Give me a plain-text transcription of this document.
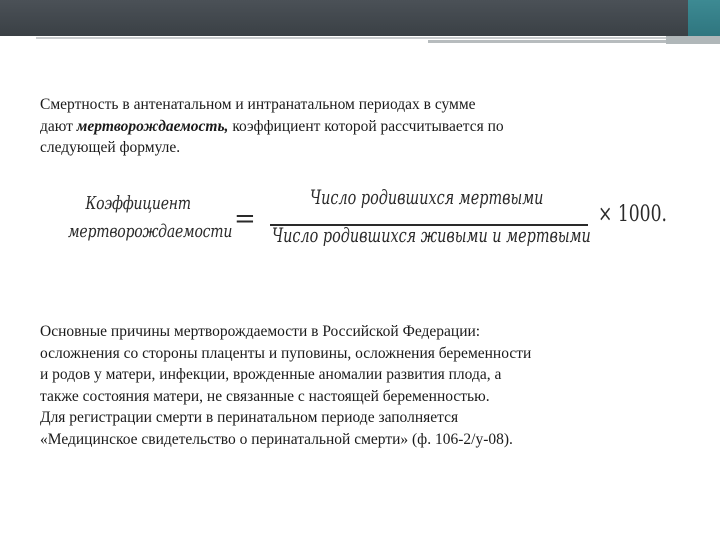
Смертность в антенатальном и интранатальном периодах в сумме
дают мертворождаемость, коэффициент которой рассчитывается по
следующей формуле.

Коэффициент
мертворождаемости =
Число родившихся мертвыми
Число родившихся живыми и мертвыми
× 1000.

Основные причины мертворождаемости в Российской Федерации:
осложнения со стороны плаценты и пуповины, осложнения беременности
и родов у матери, инфекции, врожденные аномалии развития плода, а
также состояния матери, не связанные с настоящей беременностью.
Для регистрации смерти в перинатальном периоде заполняется
«Медицинское свидетельство о перинатальной смерти» (ф. 106-2/у-08).
